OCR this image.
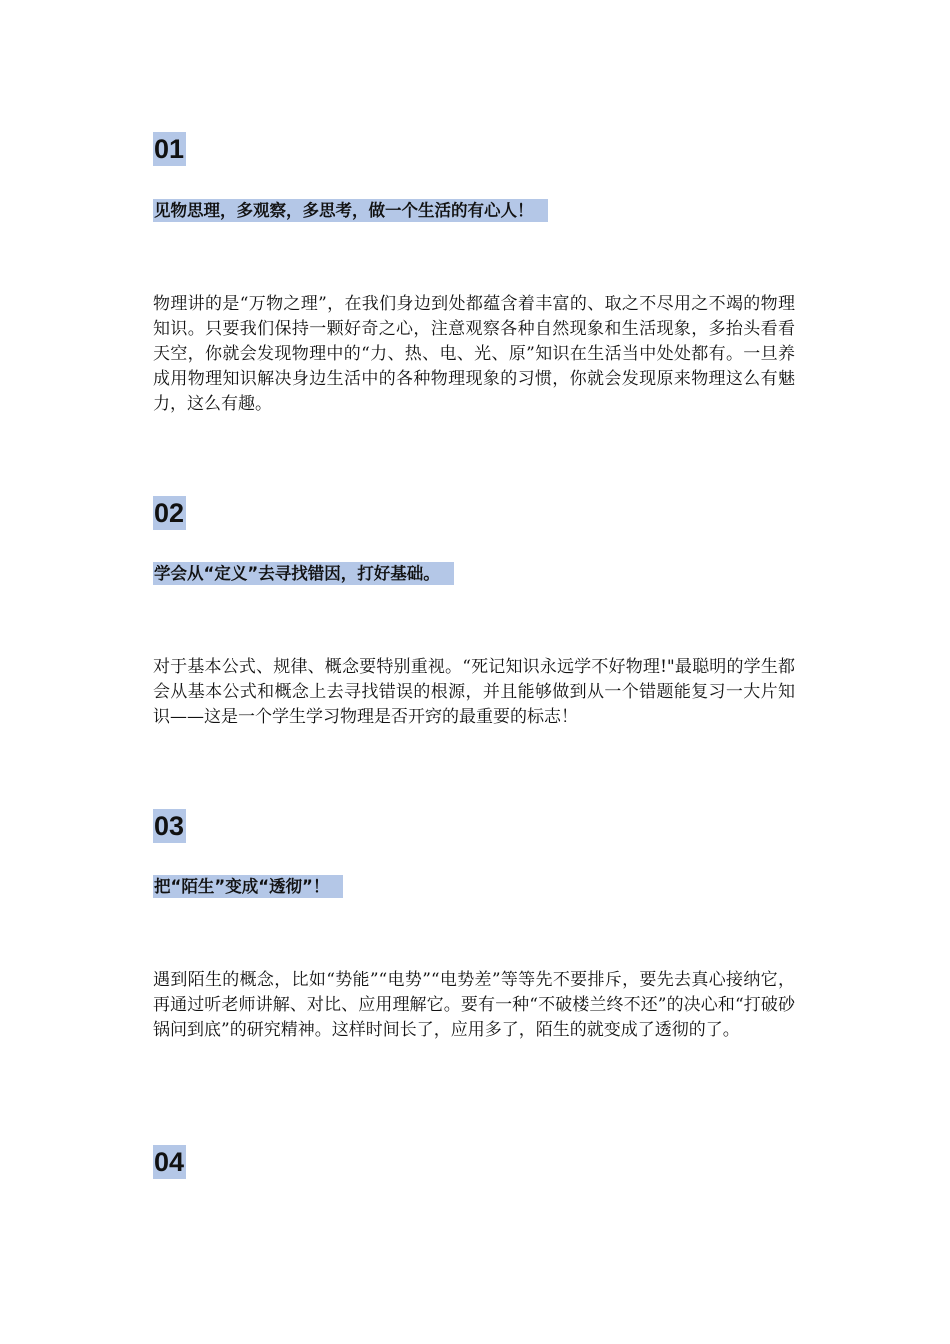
01
见物思理，多观察，多思考，做一个生活的有心人！

物理讲的是“万物之理”，在我们身边到处都蕴含着丰富的、取之不尽用之不竭的物理知识。只要我们保持一颗好奇之心，注意观察各种自然现象和生活现象，多抬头看看天空，你就会发现物理中的“力、热、电、光、原”知识在生活当中处处都有。一旦养成用物理知识解决身边生活中的各种物理现象的习惯，你就会发现原来物理这么有魅力，这么有趣。

02
学会从“定义”去寻找错因，打好基础。

对于基本公式、规律、概念要特别重视。“死记知识永远学不好物理!"最聪明的学生都会从基本公式和概念上去寻找错误的根源，并且能够做到从一个错题能复习一大片知识——这是一个学生学习物理是否开窍的最重要的标志！

03
把“陌生”变成“透彻”！

遇到陌生的概念，比如“势能”“电势”“电势差”等等先不要排斥，要先去真心接纳它，再通过听老师讲解、对比、应用理解它。要有一种“不破楼兰终不还”的决心和“打破砂锅问到底”的研究精神。这样时间长了，应用多了，陌生的就变成了透彻的了。

04
